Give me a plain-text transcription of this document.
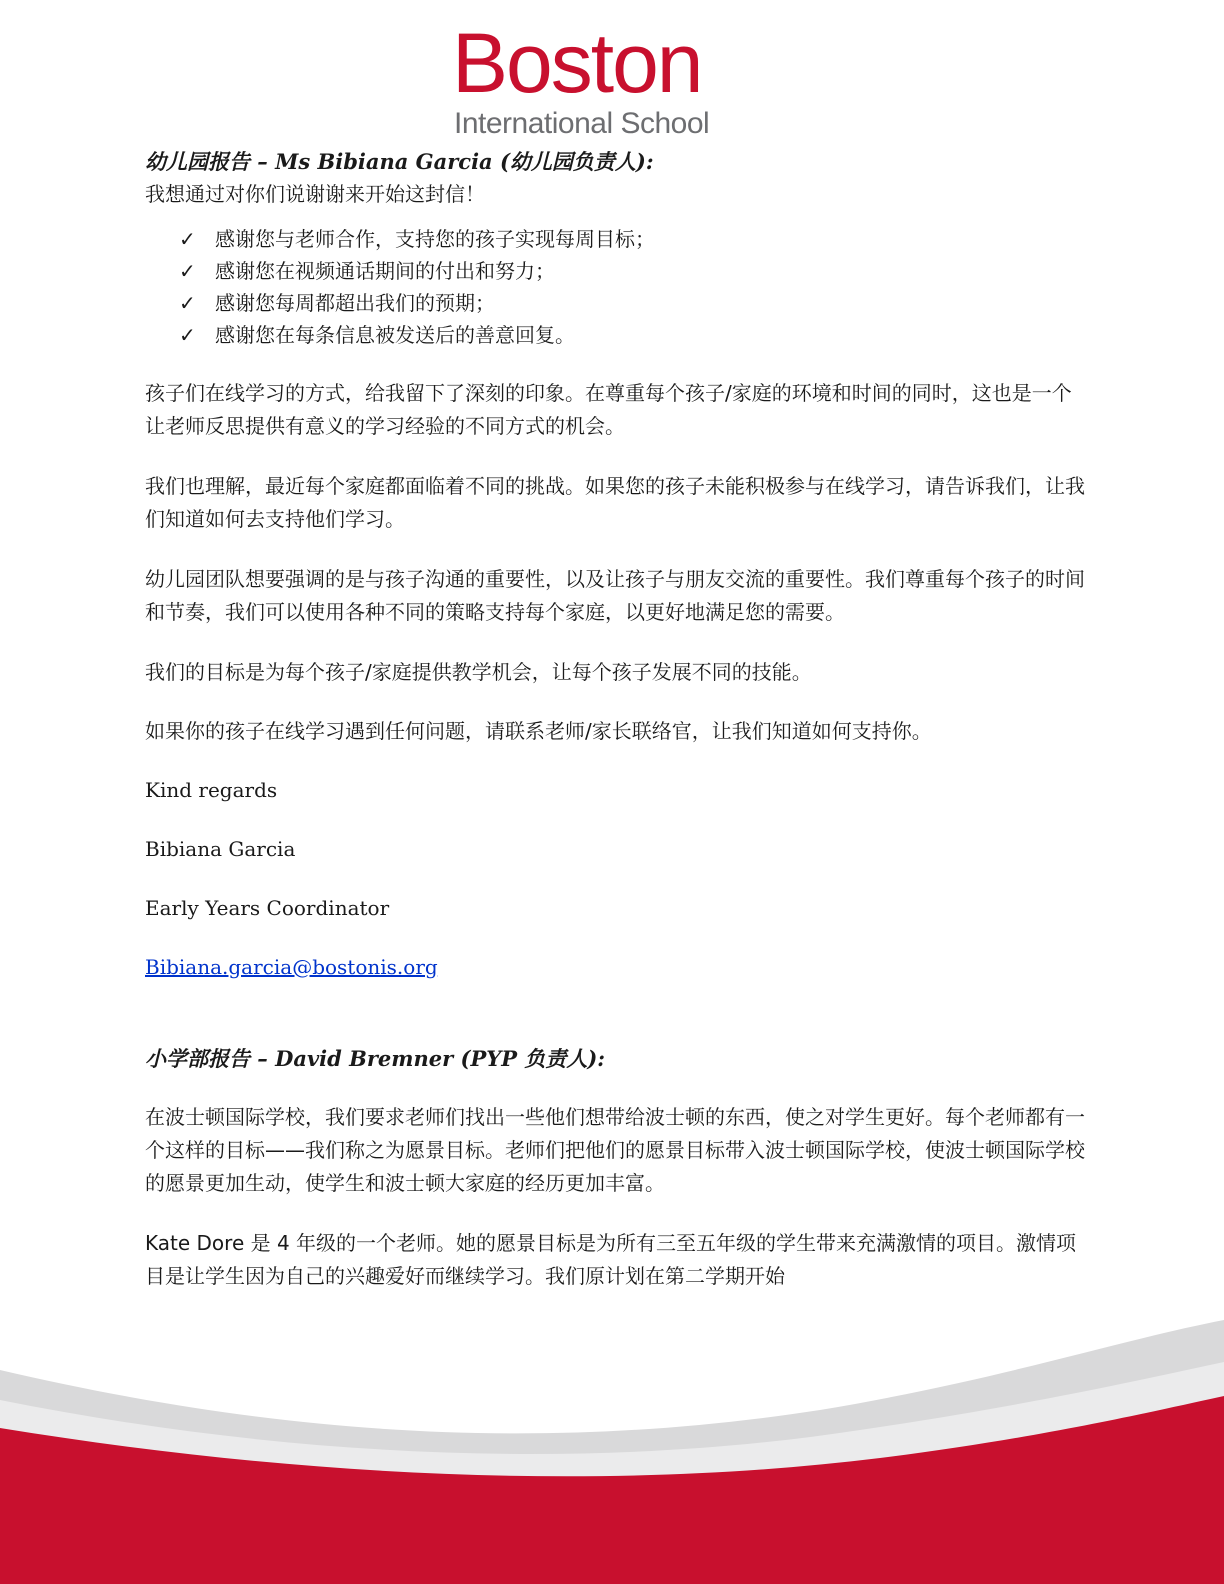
Boston
International School
幼儿园报告 – Ms Bibiana Garcia (幼儿园负责人):

我想通过对你们说谢谢来开始这封信！

✓ 感谢您与老师合作，支持您的孩子实现每周目标；
✓ 感谢您在视频通话期间的付出和努力；
✓ 感谢您每周都超出我们的预期；
✓ 感谢您在每条信息被发送后的善意回复。

孩子们在线学习的方式，给我留下了深刻的印象。在尊重每个孩子/家庭的环境和时间的同时，这也是一个让老师反思提供有意义的学习经验的不同方式的机会。

我们也理解，最近每个家庭都面临着不同的挑战。如果您的孩子未能积极参与在线学习，请告诉我们，让我们知道如何去支持他们学习。

幼儿园团队想要强调的是与孩子沟通的重要性，以及让孩子与朋友交流的重要性。我们尊重每个孩子的时间和节奏，我们可以使用各种不同的策略支持每个家庭，以更好地满足您的需要。

我们的目标是为每个孩子/家庭提供教学机会，让每个孩子发展不同的技能。

如果你的孩子在线学习遇到任何问题，请联系老师/家长联络官，让我们知道如何支持你。

Kind regards

Bibiana Garcia

Early Years Coordinator

Bibiana.garcia@bostonis.org
小学部报告 – David Bremner (PYP 负责人):

在波士顿国际学校，我们要求老师们找出一些他们想带给波士顿的东西，使之对学生更好。每个老师都有一个这样的目标——我们称之为愿景目标。老师们把他们的愿景目标带入波士顿国际学校，使波士顿国际学校的愿景更加生动，使学生和波士顿大家庭的经历更加丰富。

Kate Dore 是 4 年级的一个老师。她的愿景目标是为所有三至五年级的学生带来充满激情的项目。激情项目是让学生因为自己的兴趣爱好而继续学习。我们原计划在第二学期开始
